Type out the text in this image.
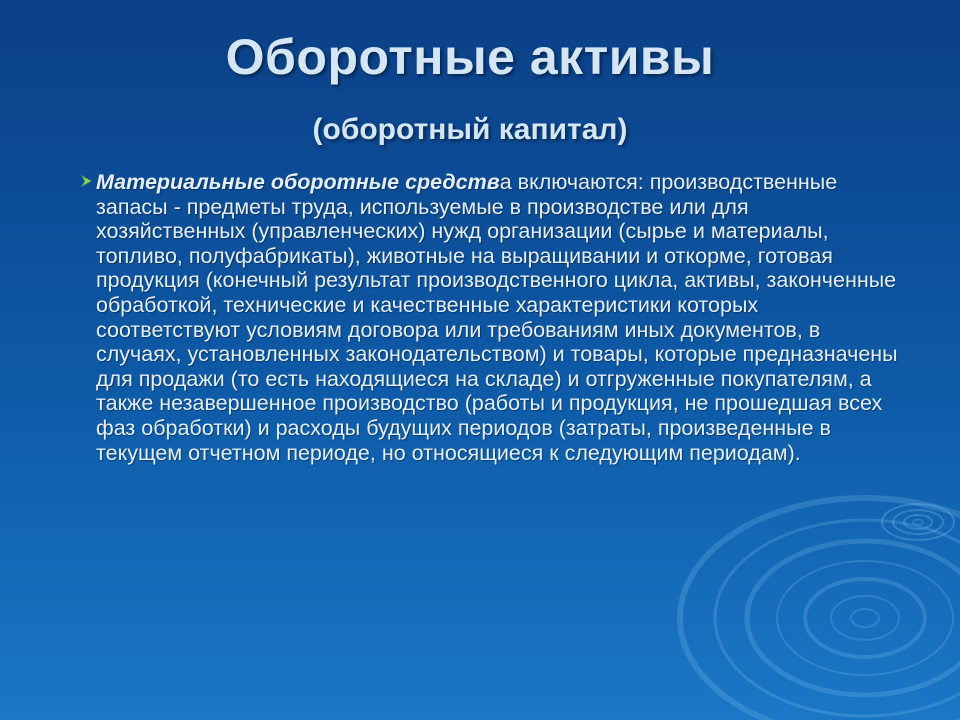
Оборотные активы
(оборотный капитал)
Материальные оборотные средства включаются: производственные запасы - предметы труда, используемые в производстве или для хозяйственных (управленческих) нужд организации (сырье и материалы, топливо, полуфабрикаты), животные на выращивании и откорме, готовая продукция (конечный результат производственного цикла, активы, законченные обработкой, технические и качественные характеристики которых соответствуют условиям договора или требованиям иных документов, в случаях, установленных законодательством) и товары, которые предназначены для продажи (то есть находящиеся на складе) и отгруженные покупателям, а также незавершенное производство (работы и продукция, не прошедшая всех фаз обработки) и расходы будущих периодов (затраты, произведенные в текущем отчетном периоде, но относящиеся к следующим периодам).
